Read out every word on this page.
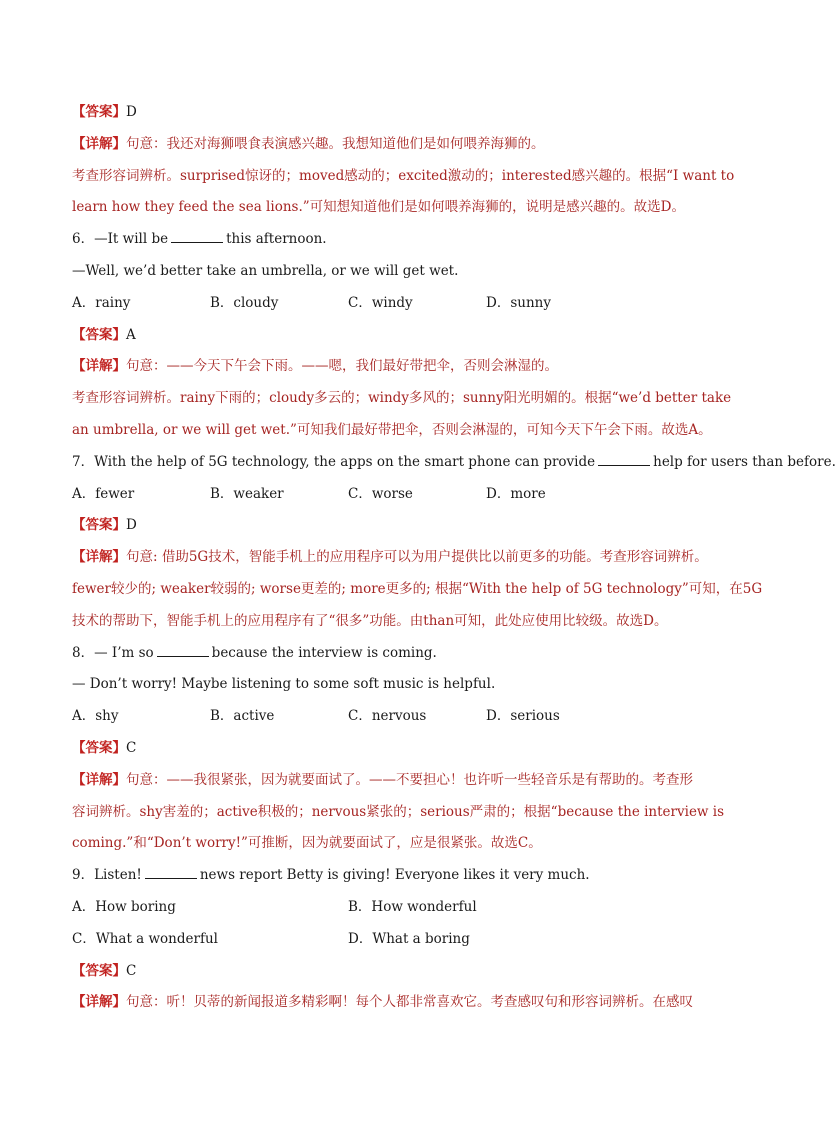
【答案】D
【详解】句意：我还对海狮喂食表演感兴趣。我想知道他们是如何喂养海狮的。
考查形容词辨析。surprised惊讶的；moved感动的；excited激动的；interested感兴趣的。根据“I want to
learn how they feed the sea lions.”可知想知道他们是如何喂养海狮的，说明是感兴趣的。故选D。
6．—It will be	this afternoon.
—Well, we’d better take an umbrella, or we will get wet.
A．rainy	B．cloudy	C．windy	D．sunny
【答案】A
【详解】句意：——今天下午会下雨。——嗯，我们最好带把伞，否则会淋湿的。
考查形容词辨析。rainy下雨的；cloudy多云的；windy多风的；sunny阳光明媚的。根据“we’d better take
an umbrella, or we will get wet.”可知我们最好带把伞，否则会淋湿的，可知今天下午会下雨。故选A。
7．With the help of 5G technology, the apps on the smart phone can provide	help for users than before.
A．fewer	B．weaker	C．worse	D．more
【答案】D
【详解】句意: 借助5G技术，智能手机上的应用程序可以为用户提供比以前更多的功能。考查形容词辨析。
fewer较少的; weaker较弱的; worse更差的; more更多的; 根据“With the help of 5G technology”可知，在5G
技术的帮助下，智能手机上的应用程序有了“很多”功能。由than可知，此处应使用比较级。故选D。
8．— I’m so	because the interview is coming.
— Don’t worry! Maybe listening to some soft music is helpful.
A．shy	B．active	C．nervous	D．serious
【答案】C
【详解】句意：——我很紧张，因为就要面试了。——不要担心！也许听一些轻音乐是有帮助的。考查形
容词辨析。shy害羞的；active积极的；nervous紧张的；serious严肃的；根据“because the interview is
coming.”和“Don’t worry!”可推断，因为就要面试了，应是很紧张。故选C。
9．Listen!	news report Betty is giving! Everyone likes it very much.
A．How boring	B．How wonderful
C．What a wonderful	D．What a boring
【答案】C
【详解】句意：听！贝蒂的新闻报道多精彩啊！每个人都非常喜欢它。考查感叹句和形容词辨析。在感叹
